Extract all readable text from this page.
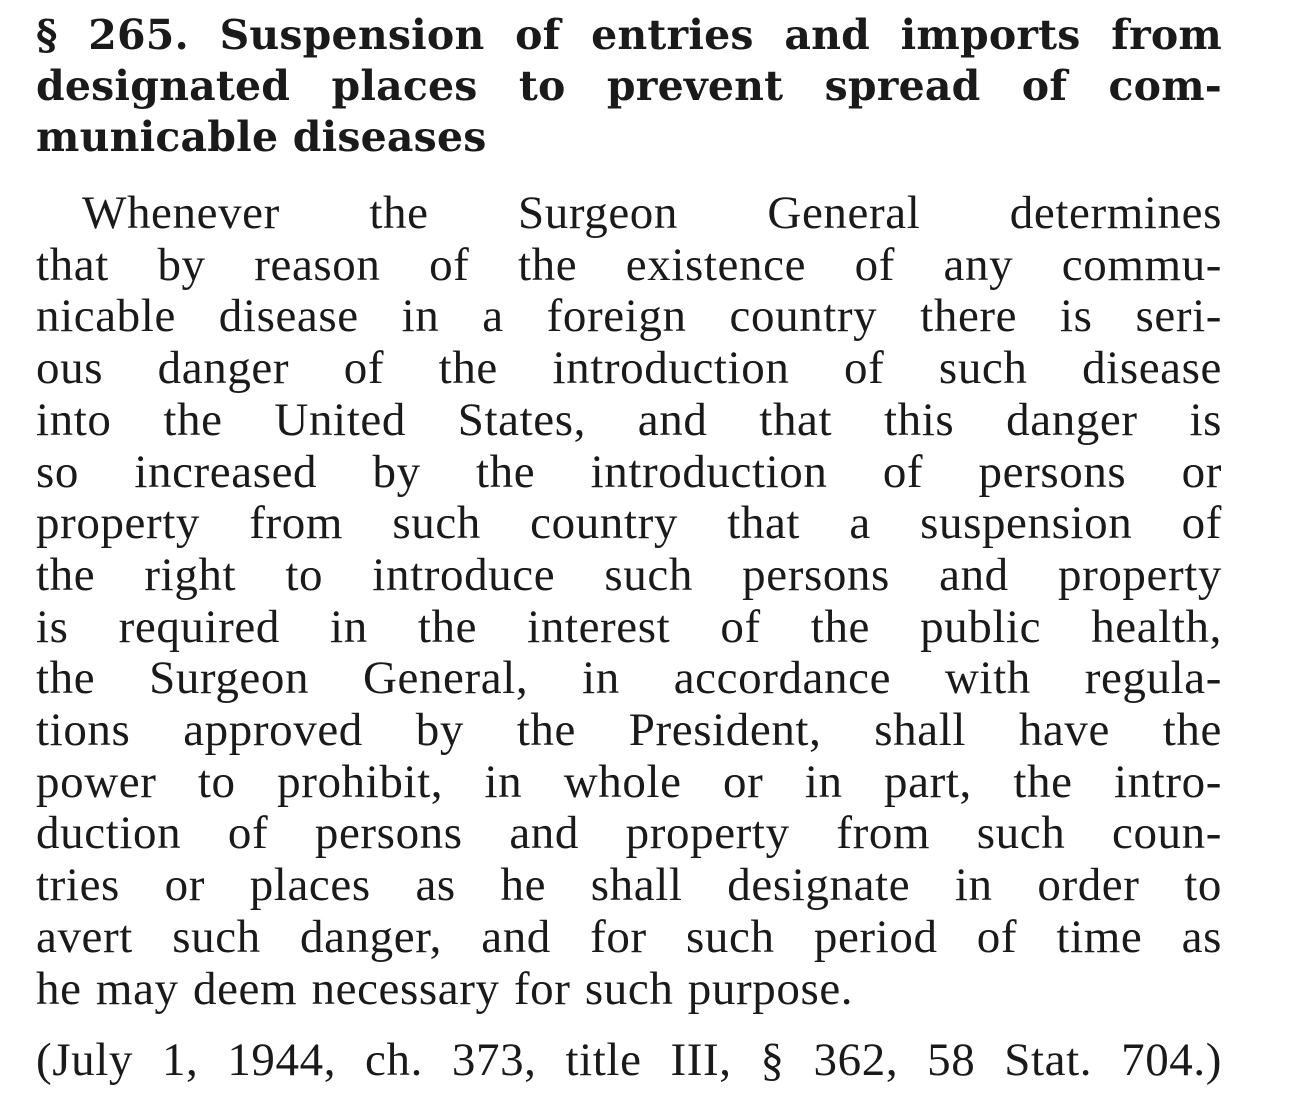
§ 265. Suspension of entries and imports from
designated places to prevent spread of com-
municable diseases
Whenever the Surgeon General determines
that by reason of the existence of any commu-
nicable disease in a foreign country there is seri-
ous danger of the introduction of such disease
into the United States, and that this danger is
so increased by the introduction of persons or
property from such country that a suspension of
the right to introduce such persons and property
is required in the interest of the public health,
the Surgeon General, in accordance with regula-
tions approved by the President, shall have the
power to prohibit, in whole or in part, the intro-
duction of persons and property from such coun-
tries or places as he shall designate in order to
avert such danger, and for such period of time as
he may deem necessary for such purpose.

(July 1, 1944, ch. 373, title III, § 362, 58 Stat. 704.)
